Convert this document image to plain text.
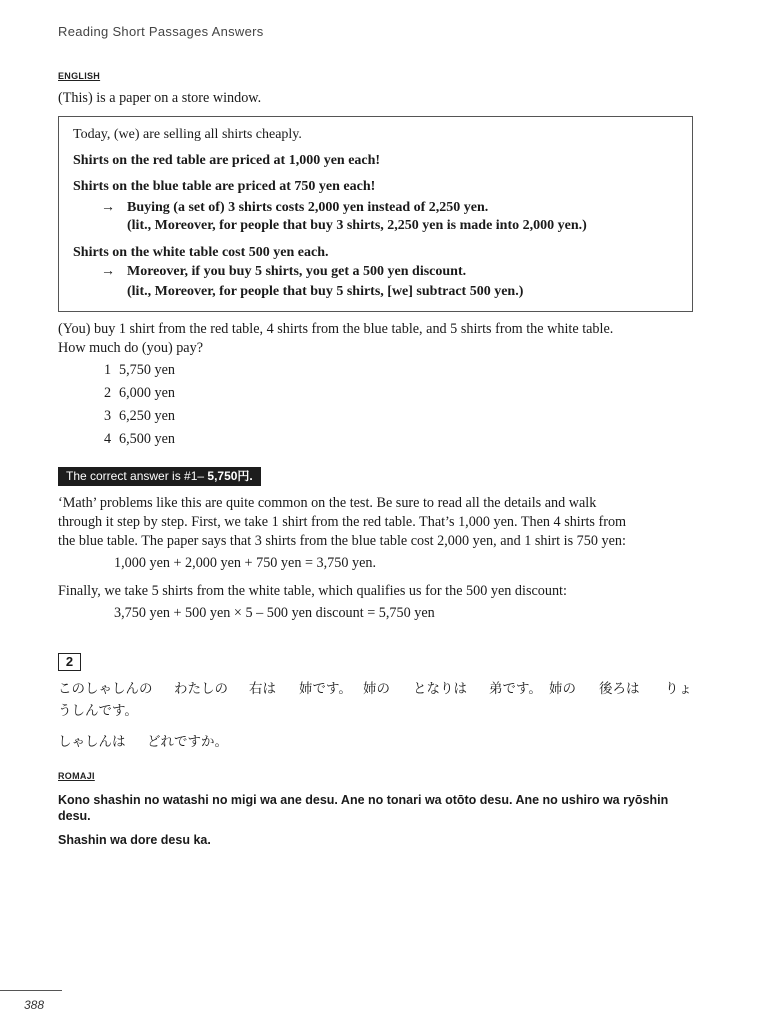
Reading Short Passages Answers
ENGLISH
(This) is a paper on a store window.
Today, (we) are selling all shirts cheaply.
Shirts on the red table are priced at 1,000 yen each!
Shirts on the blue table are priced at 750 yen each!
→ Buying (a set of) 3 shirts costs 2,000 yen instead of 2,250 yen.
(lit., Moreover, for people that buy 3 shirts, 2,250 yen is made into 2,000 yen.)
Shirts on the white table cost 500 yen each.
→ Moreover, if you buy 5 shirts, you get a 500 yen discount.
(lit., Moreover, for people that buy 5 shirts, [we] subtract 500 yen.)
(You) buy 1 shirt from the red table, 4 shirts from the blue table, and 5 shirts from the white table.
How much do (you) pay?
1 5,750 yen
2 6,000 yen
3 6,250 yen
4 6,500 yen
The correct answer is #1– 5,750円.
‘Math’ problems like this are quite common on the test. Be sure to read all the details and walk
through it step by step. First, we take 1 shirt from the red table. That’s 1,000 yen. Then 4 shirts from
the blue table. The paper says that 3 shirts from the blue table cost 2,000 yen, and 1 shirt is 750 yen:
1,000 yen + 2,000 yen + 750 yen = 3,750 yen.
Finally, we take 5 shirts from the white table, which qualifies us for the 500 yen discount:
3,750 yen + 500 yen × 5 – 500 yen discount = 5,750 yen
2
このしゃしんの わたしの 右は 姉です。 姉の となりは 弟です。 姉の 後ろは りょ
うしんです。
しゃしんは どれですか。
ROMAJI
Kono shashin no watashi no migi wa ane desu. Ane no tonari wa otōto desu. Ane no ushiro wa ryōshin
desu.
Shashin wa dore desu ka.
388
